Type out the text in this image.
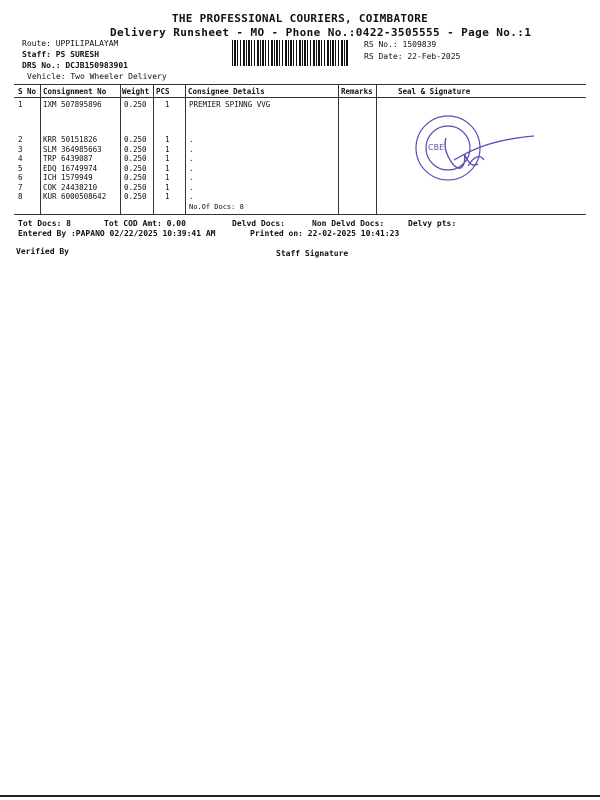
THE PROFESSIONAL COURIERS, COIMBATORE
Delivery Runsheet - MO - Phone No.:0422-3505555 - Page No.:1
Route: UPPILIPALAYAM
Staff: PS SURESH
DRS No.: DCJB150983901
Vehicle: Two Wheeler Delivery
RS No.: 1509839
RS Date: 22-Feb-2025
S No Consignment No Weight PCS Consignee Details	Remarks	Seal & Signature
1	IXM 507895896	0.250 1	PREMIER SPINNG VVG
2	KRR 50151826	0.250 1	.
3	SLM 364985663	0.250 1	.
4	TRP 6439087	0.250 1	.
5	EDQ 16749974	0.250 1	.
6	ICH 1579949	0.250 1	.
7	COK 24438210	0.250 1	.
8	KUR 6000508642 0.250 1	.
No.Of Docs: 8
CBE
Tot Docs: 8	Tot COD Amt: 0.00	Delvd Docs:	Non Delvd Docs:	Delvy pts:
Entered By :PAPANO 02/22/2025 10:39:41 AM	Printed on: 22-02-2025 10:41:23
Verified By	Staff Signature
